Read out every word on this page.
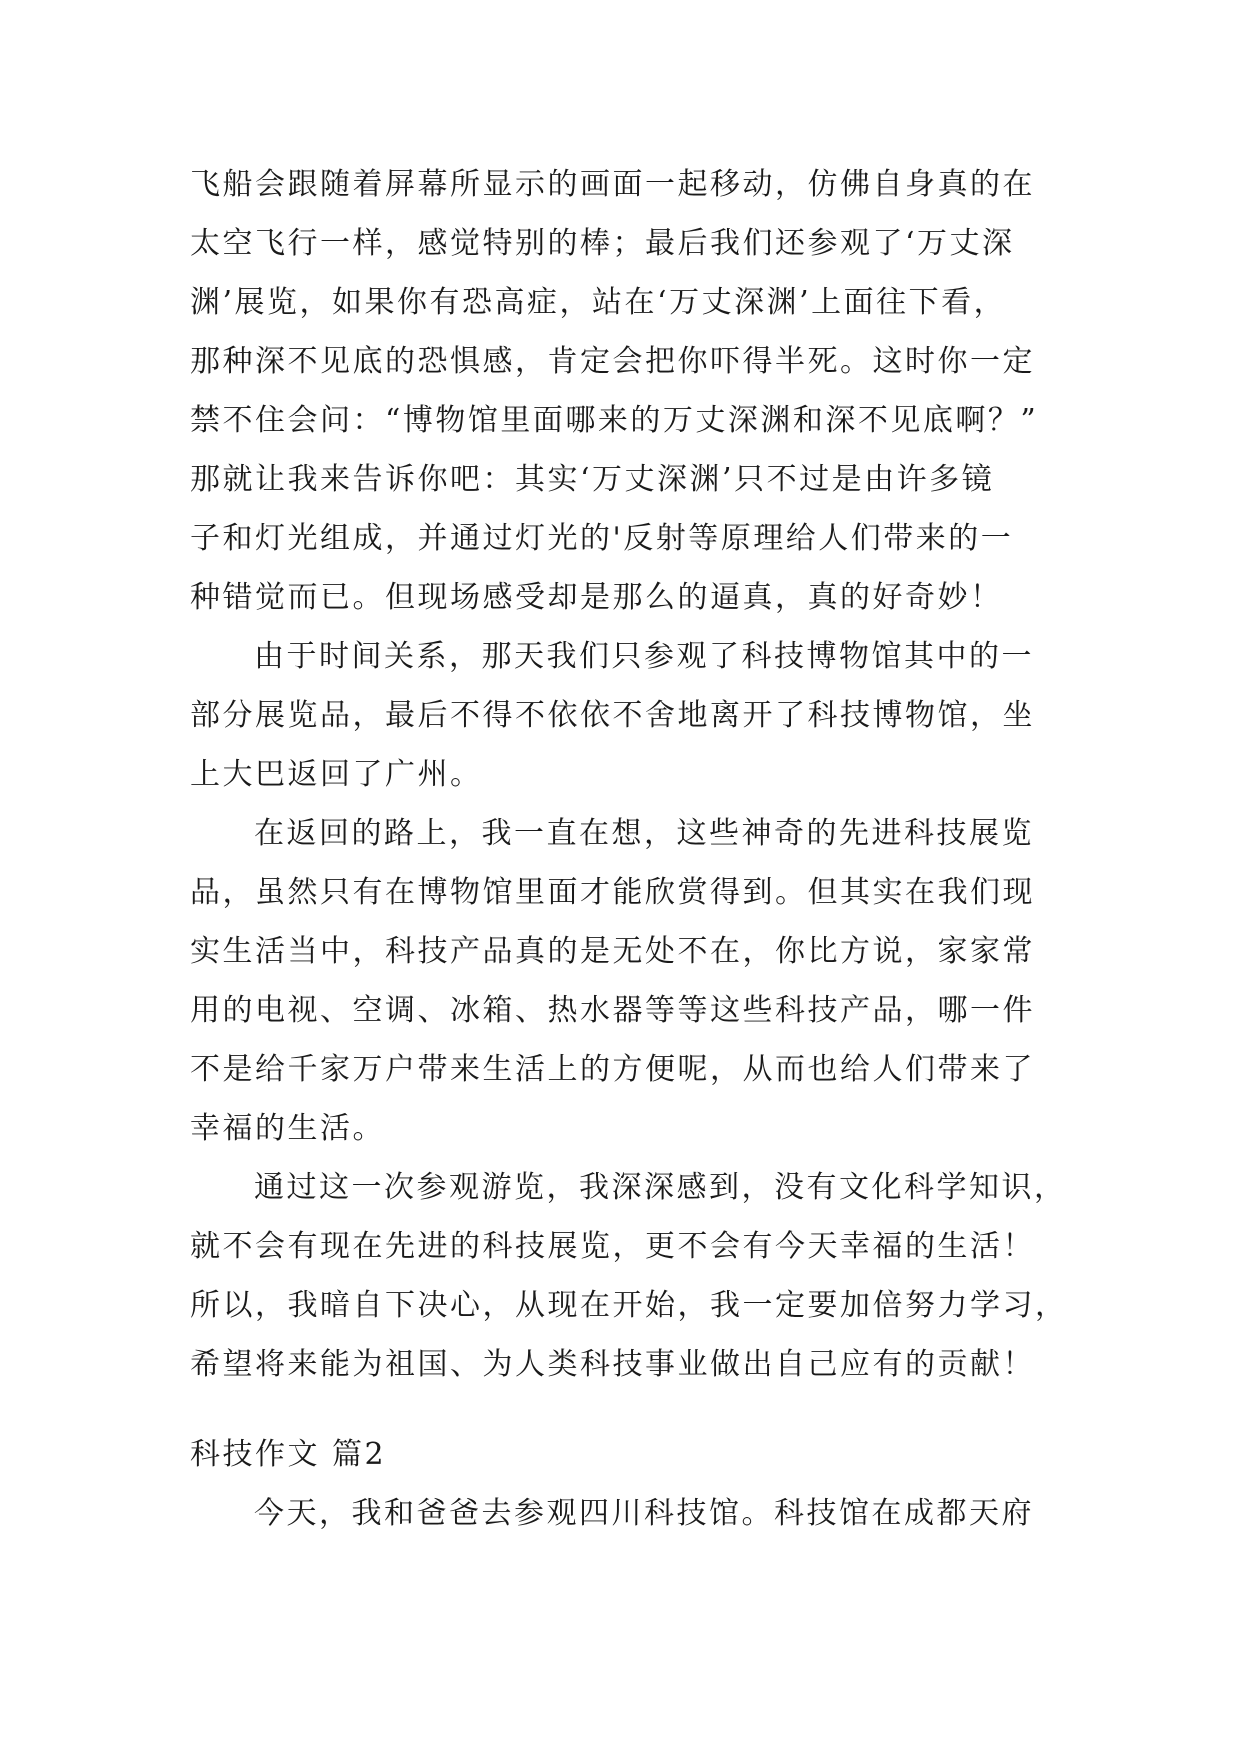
飞船会跟随着屏幕所显示的画面一起移动，仿佛自身真的在
太空飞行一样，感觉特别的棒；最后我们还参观了‘万丈深
渊’展览，如果你有恐高症，站在‘万丈深渊’上面往下看，
那种深不见底的恐惧感，肯定会把你吓得半死。这时你一定
禁不住会问：“博物馆里面哪来的万丈深渊和深不见底啊？”
那就让我来告诉你吧：其实‘万丈深渊’只不过是由许多镜
子和灯光组成，并通过灯光的'反射等原理给人们带来的一
种错觉而已。但现场感受却是那么的逼真，真的好奇妙！
由于时间关系，那天我们只参观了科技博物馆其中的一
部分展览品，最后不得不依依不舍地离开了科技博物馆，坐
上大巴返回了广州。
在返回的路上，我一直在想，这些神奇的先进科技展览
品，虽然只有在博物馆里面才能欣赏得到。但其实在我们现
实生活当中，科技产品真的是无处不在，你比方说，家家常
用的电视、空调、冰箱、热水器等等这些科技产品，哪一件
不是给千家万户带来生活上的方便呢，从而也给人们带来了
幸福的生活。
通过这一次参观游览，我深深感到，没有文化科学知识，
就不会有现在先进的科技展览，更不会有今天幸福的生活！
所以，我暗自下决心，从现在开始，我一定要加倍努力学习，
希望将来能为祖国、为人类科技事业做出自己应有的贡献！
科技作文 篇2
今天，我和爸爸去参观四川科技馆。科技馆在成都天府
